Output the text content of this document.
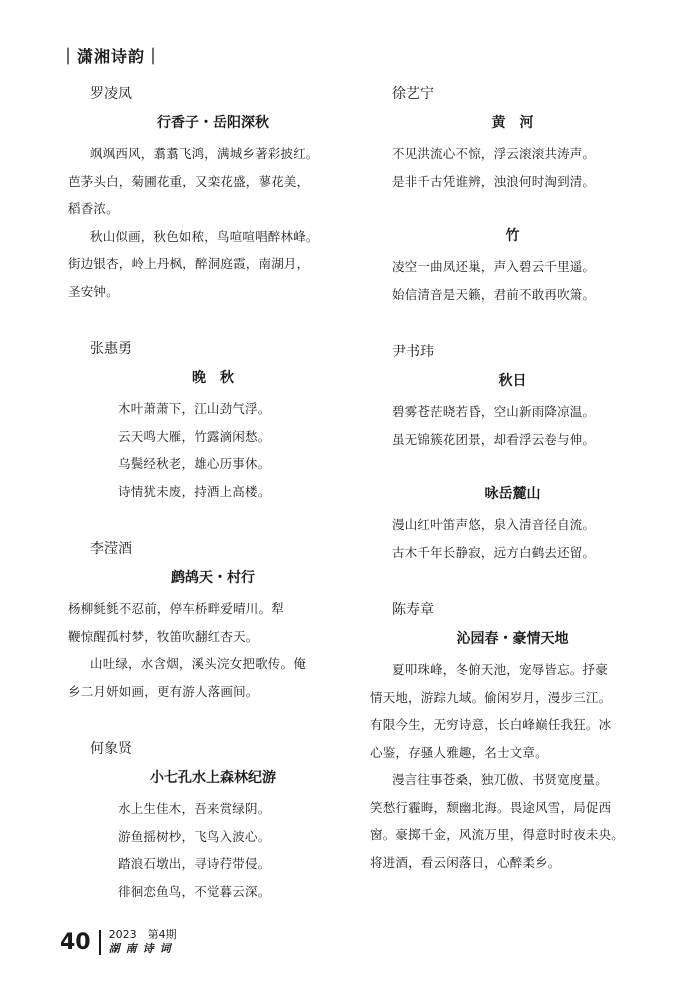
｜潇湘诗韵｜
罗凌凤
行香子・岳阳深秋
飒飒西风，翥翥飞鸿，满城乡著彩披红。
芭茅头白，菊圃花重，又栾花盛，蓼花美，
稻香浓。
秋山似画，秋色如秾，鸟喧喧唱醉林峰。
街边银杏，岭上丹枫，醉洞庭霞，南湖月，
圣安钟。
张惠勇
晚　秋
木叶萧萧下，江山劲气浮。
云天鸣大雁，竹露滴闲愁。
乌鬓经秋老，雄心历事休。
诗情犹未废，持酒上高楼。
李滢酒
鹧鸪天・村行
杨柳毵毵不忍前，停车桥畔爱晴川。犁
鞭惊醒孤村梦，牧笛吹翻红杏天。
山吐绿，水含烟，溪头浣女把歌传。俺
乡二月妍如画，更有游人落画间。
何象贤
小七孔水上森林纪游
水上生佳木，吾来赏绿阴。
游鱼摇树杪，飞鸟入波心。
踏浪石墩出，寻诗荇带侵。
徘徊恋鱼鸟，不觉暮云深。
徐艺宁
黄　河
不见洪流心不惊，浮云滚滚共涛声。
是非千古凭谁辨，浊浪何时淘到清。
竹
凌空一曲凤还巢，声入碧云千里遥。
始信清音是天籁，君前不敢再吹箫。
尹书玮
秋日
碧雾苍茫晓若昏，空山新雨降凉温。
虽无锦簇花团景，却看浮云卷与伸。
咏岳麓山
漫山红叶笛声悠，泉入清音径自流。
古木千年长静寂，远方白鹤去还留。
陈寿章
沁园春・豪情天地
夏叩珠峰，冬俯天池，宠辱皆忘。抒豪
情天地，游踪九域。偷闲岁月，漫步三江。
有限今生，无穷诗意，长白峰巅任我狂。冰
心鉴，存骚人雅趣，名士文章。
漫言往事苍桑，独兀傲、书贤宽度量。
笑愁行霾晦，颓幽北海。畏途风雪，局促西
窗。豪掷千金，风流万里，得意时时夜未央。
将进酒，看云闲落日，心醉柔乡。
40	2023　第4期
湖南诗词
